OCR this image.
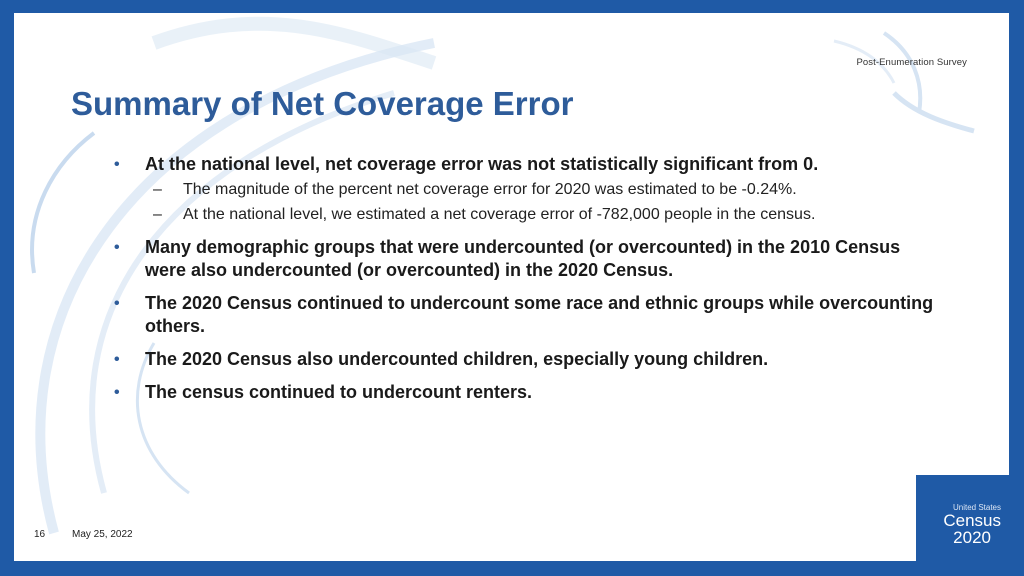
Post-Enumeration Survey
Summary of Net Coverage Error
• At the national level, net coverage error was not statistically significant from 0.
– The magnitude of the percent net coverage error for 2020 was estimated to be -0.24%.
– At the national level, we estimated a net coverage error of -782,000 people in the census.
• Many demographic groups that were undercounted (or overcounted) in the 2010 Census were also undercounted (or overcounted) in the 2020 Census.
• The 2020 Census continued to undercount some race and ethnic groups while overcounting others.
• The 2020 Census also undercounted children, especially young children.
• The census continued to undercount renters.
16	May 25, 2022
United States
Census
2020
